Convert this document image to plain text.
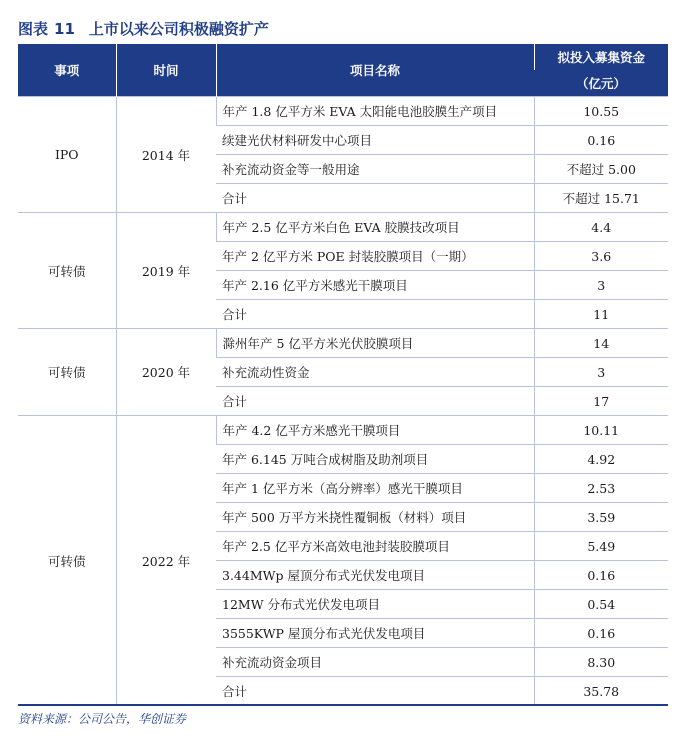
图表 11 上市以来公司积极融资扩产
事项	时间	项目名称	拟投入募集资金
			（亿元）
IPO	2014 年	年产 1.8 亿平方米 EVA 太阳能电池胶膜生产项目	10.55
		续建光伏材料研发中心项目	0.16
		补充流动资金等一般用途	不超过 5.00
		合计	不超过 15.71
可转债	2019 年	年产 2.5 亿平方米白色 EVA 胶膜技改项目	4.4
		年产 2 亿平方米 POE 封装胶膜项目（一期）	3.6
		年产 2.16 亿平方米感光干膜项目	3
		合计	11
可转债	2020 年	滁州年产 5 亿平方米光伏胶膜项目	14
		补充流动性资金	3
		合计	17
可转债	2022 年	年产 4.2 亿平方米感光干膜项目	10.11
		年产 6.145 万吨合成树脂及助剂项目	4.92
		年产 1 亿平方米（高分辨率）感光干膜项目	2.53
		年产 500 万平方米挠性覆铜板（材料）项目	3.59
		年产 2.5 亿平方米高效电池封装胶膜项目	5.49
		3.44MWp 屋顶分布式光伏发电项目	0.16
		12MW 分布式光伏发电项目	0.54
		3555KWP 屋顶分布式光伏发电项目	0.16
		补充流动资金项目	8.30
		合计	35.78
资料来源：公司公告，华创证券
